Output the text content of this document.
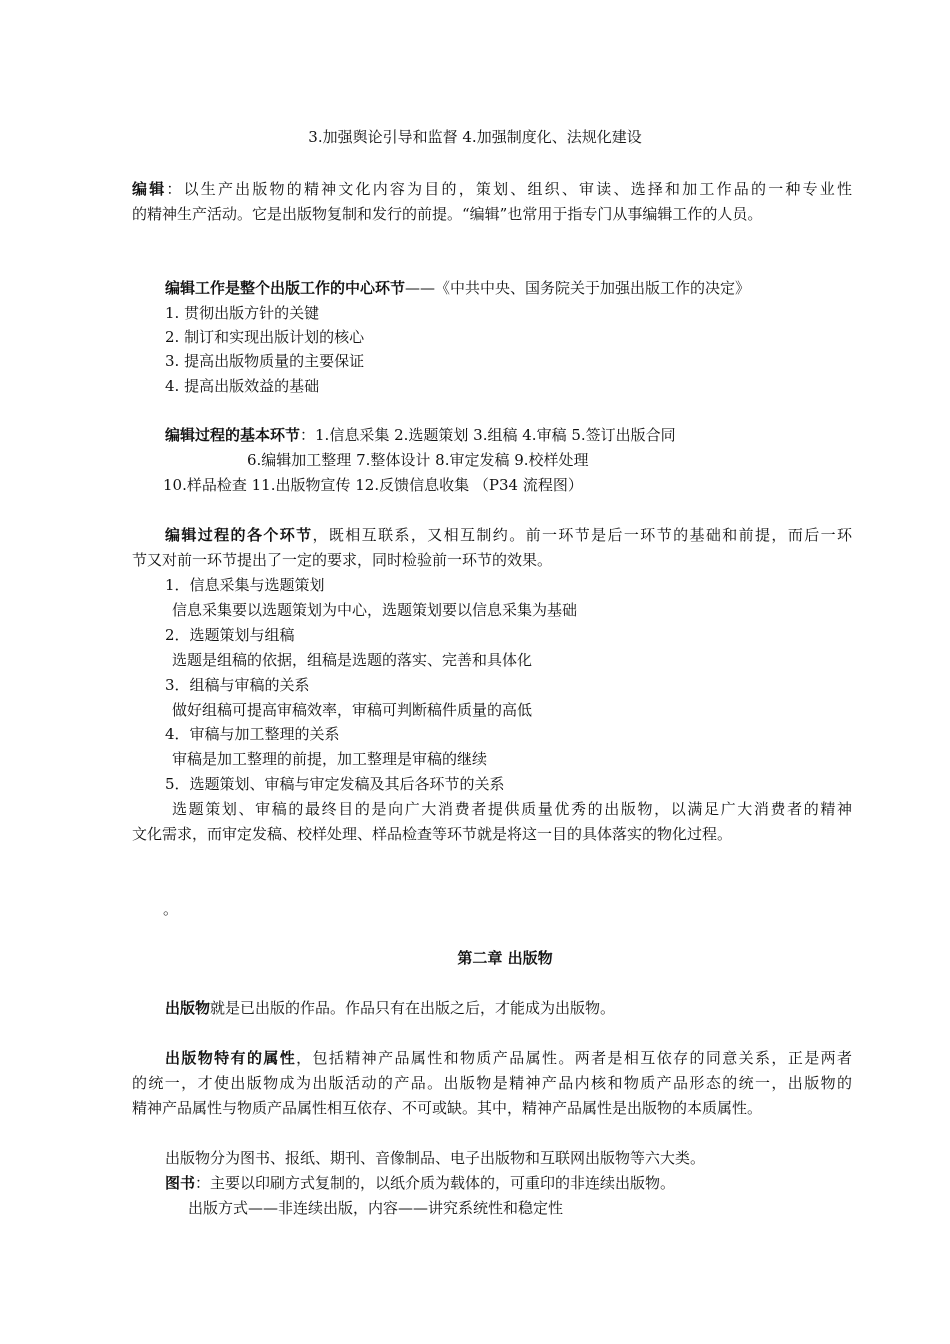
3.加强舆论引导和监督 4.加强制度化、法规化建设
编辑：以生产出版物的精神文化内容为目的，策划、组织、审读、选择和加工作品的一种专业性
的精神生产活动。它是出版物复制和发行的前提。“编辑”也常用于指专门从事编辑工作的人员。
编辑工作是整个出版工作的中心环节——《中共中央、国务院关于加强出版工作的决定》
1. 贯彻出版方针的关键
2. 制订和实现出版计划的核心
3. 提高出版物质量的主要保证
4. 提高出版效益的基础
编辑过程的基本环节：1.信息采集 2.选题策划 3.组稿 4.审稿 5.签订出版合同
6.编辑加工整理 7.整体设计 8.审定发稿 9.校样处理
10.样品检查 11.出版物宣传 12.反馈信息收集 （P34 流程图）
编辑过程的各个环节，既相互联系，又相互制约。前一环节是后一环节的基础和前提，而后一环
节又对前一环节提出了一定的要求，同时检验前一环节的效果。
1．信息采集与选题策划
信息采集要以选题策划为中心，选题策划要以信息采集为基础
2．选题策划与组稿
选题是组稿的依据，组稿是选题的落实、完善和具体化
3．组稿与审稿的关系
做好组稿可提高审稿效率，审稿可判断稿件质量的高低
4．审稿与加工整理的关系
审稿是加工整理的前提，加工整理是审稿的继续
5．选题策划、审稿与审定发稿及其后各环节的关系
选题策划、审稿的最终目的是向广大消费者提供质量优秀的出版物，以满足广大消费者的精神
文化需求，而审定发稿、校样处理、样品检查等环节就是将这一目的具体落实的物化过程。
。
第二章 出版物
出版物就是已出版的作品。作品只有在出版之后，才能成为出版物。
出版物特有的属性，包括精神产品属性和物质产品属性。两者是相互依存的同意关系，正是两者
的统一，才使出版物成为出版活动的产品。出版物是精神产品内核和物质产品形态的统一，出版物的
精神产品属性与物质产品属性相互依存、不可或缺。其中，精神产品属性是出版物的本质属性。
出版物分为图书、报纸、期刊、音像制品、电子出版物和互联网出版物等六大类。
图书：主要以印刷方式复制的，以纸介质为载体的，可重印的非连续出版物。
出版方式——非连续出版，内容——讲究系统性和稳定性
